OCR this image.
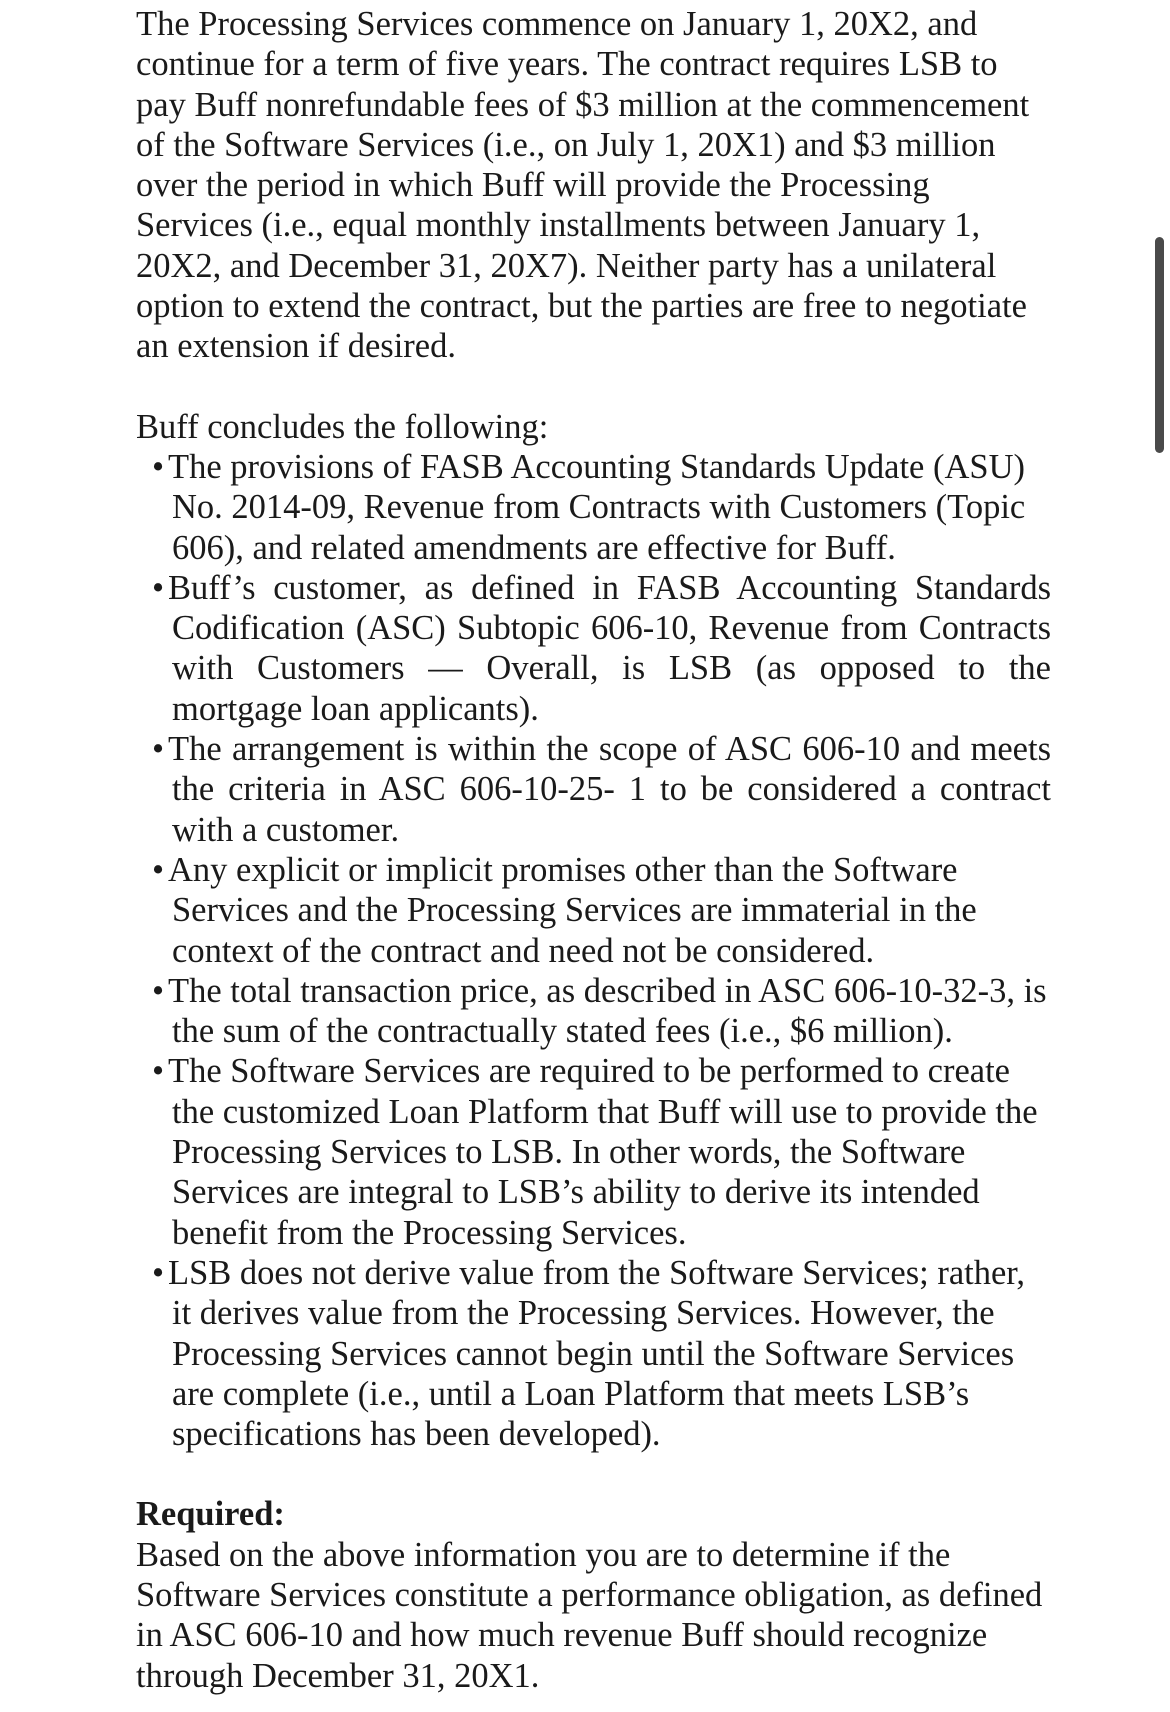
The Processing Services commence on January 1, 20X2, and continue for a term of five years. The contract requires LSB to pay Buff nonrefundable fees of $3 million at the commencement of the Software Services (i.e., on July 1, 20X1) and $3 million over the period in which Buff will provide the Processing Services (i.e., equal monthly installments between January 1, 20X2, and December 31, 20X7). Neither party has a unilateral option to extend the contract, but the parties are free to negotiate an extension if desired.

Buff concludes the following:

• The provisions of FASB Accounting Standards Update (ASU) No. 2014-09, Revenue from Contracts with Customers (Topic 606), and related amendments are effective for Buff.
• Buff’s customer, as defined in FASB Accounting Standards Codification (ASC) Subtopic 606-10, Revenue from Contracts with Customers — Overall, is LSB (as opposed to the mortgage loan applicants).
• The arrangement is within the scope of ASC 606-10 and meets the criteria in ASC 606-10-25- 1 to be considered a contract with a customer.
• Any explicit or implicit promises other than the Software Services and the Processing Services are immaterial in the context of the contract and need not be considered.
• The total transaction price, as described in ASC 606-10-32-3, is the sum of the contractually stated fees (i.e., $6 million).
• The Software Services are required to be performed to create the customized Loan Platform that Buff will use to provide the Processing Services to LSB. In other words, the Software Services are integral to LSB’s ability to derive its intended benefit from the Processing Services.
• LSB does not derive value from the Software Services; rather, it derives value from the Processing Services. However, the Processing Services cannot begin until the Software Services are complete (i.e., until a Loan Platform that meets LSB’s specifications has been developed).

Required:

Based on the above information you are to determine if the Software Services constitute a performance obligation, as defined in ASC 606-10 and how much revenue Buff should recognize through December 31, 20X1.
